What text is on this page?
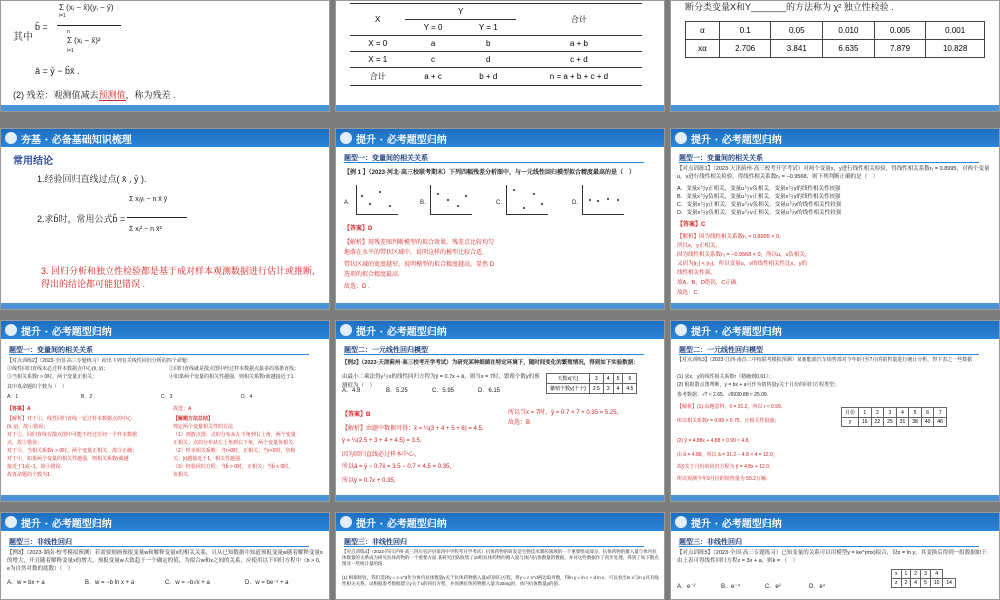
其中
b̂ =
Σ (xᵢ − x̄)(yᵢ − ȳ)
i=1
n
Σ (xᵢ − x̄)²
i=1
â = ȳ − b̂x̄ .
(2) 残差：观测值减去预测值，称为残差 .
X	Y		合计
	Y = 0	Y = 1	
X = 0	a	b	a + b
X = 1	c	d	c + d
合计	a + c	b + d	n = a + b + c + d
断分类变量X和Y_______的方法称为 χ² 独立性检验 .
α	0.1	0.05	0.010	0.005	0.001
xα	2.706	3.841	6.635	7.879	10.828
夯基 · 必备基础知识梳理
常用结论
1.经验回归直线过点( x̄ , ȳ ).
Σ xᵢyᵢ − n x̄ ȳ
2.求b̂时，常用公式b̂ =
Σ xᵢ² − n x̄²
3. 回归分析和独立性检验都是基于成对样本观测数据进行估计或推断，得出的结论都可能犯错误 .
提升 · 必考题型归纳
题型一：变量间的相关关系
【例 1 】（2023·河北·高三校联考期末）下列四幅残差分析图中，与一元线性回归模型拟合精度最高的是（　）
A．	B．	C．	D．
【答案】D
【解析】用残差图判断模型的拟合效果，残差点比较均匀
地落在水平的带状区域中，说明这样的模型比较合适，
带状区域的宽度越窄，说明模型的拟合精度越高，显然 D
选项的拟合精度最高.
故选：D .
提升 · 必考题型归纳
题型一：变量间的相关关系
【对点训练1】（2023·天津蓟州·高三校考开学考试）对两个变量x，y进行线性相关检验，得线性相关系数r₁ = 0.8995，对两个变量u，v进行线性相关检验，得线性相关系数r₂ = −0.9568，则下列判断正确的是（　）
A．变量x与y正相关，变量u与v负相关，变量x与y的线性相关性较强
B．变量x与y负相关，变量u与v正相关，变量x与y的线性相关性较强
C．变量x与y正相关，变量u与v负相关，变量u与v的线性相关性较强
D．变量x与y负相关，变量u与v正相关，变量u与v的线性相关性较强
【答案】C
【解析】因为线性相关系数r₁ = 0.8995 > 0，
所以x，y正相关，
因为线性相关系数r₂ = −0.9568 < 0，所以u，v负相关，
又因为|r₁| < |r₂|，所以变量u，v的线性相关性比x，y的
线性相关性强，
故A，B，D错误，C正确.
故选：C .
提升 · 必考题型归纳
题型一：变量间的相关关系
【对点训练2】（2023·全国·高三专题练习）给出下列有关线性回归分析的四个命题：
①线性回归直线未必过样本数据点中心(x̄, ȳ)；	②回归直线就是散点图中经过样本数据点最多的那条直线；
③当相关系数r > 0时，两个变量正相关；	④如果两个变量的相关性越强，则相关系数r就越接近于1.
其中真命题的个数为（　）
A．1	B．2	C．3	D．4
【答案】A
【解析】对于①，线性回归直线一定过样本数据点的中心
(x̄, ȳ)，故①错误；
对于②，回归直线在散点图中可能不经过任何一个样本数据
点，故②错误；
对于③，当相关系数r > 0时，两个变量正相关，故③正确；
对于④，如果两个变量的相关性越强，则相关系数r就越
接近于1或−1，故④错误.
故真命题的个数为1.
故选：A
【解题方法总结】
判定两个变量相关性的方法
（1）画散点图：点的分布从左下角到右上角，两个变量
正相关；点的分布从左上角到右下角，两个变量负相关.
（2）样本相关系数：当r>0时，正相关；当r<0时，负相
关；|r|越接近于1，相关性越强.
（3）经验回归方程：当b̂ > 0时，正相关；当b̂ < 0时，
负相关.
提升 · 必考题型归纳
题型二：一元线性回归模型
【例2】（2023·天津蓟州·高三校考开学考试）为研究某种细菌在特定环境下，随时间变化的繁殖情况，得到如下实验数据：
由最小二乘法得y与x的线性回归方程为ŷ = 0.7x + â，则当x = 7时，繁殖个数y的预测值为（　）
天数x(天)	3	4	5	6
繁殖个数y(千个)	2.5	3	4	4.5
A．4.9	B．5.25	C．5.95	D．6.15
【答案】B
【解析】由题中数据可得：x̄ = ¼(3 + 4 + 5 + 6) = 4.5,
ȳ = ¼(2.5 + 3 + 4 + 4.5) = 3.5,
因为回归直线必过样本中心，
所以â = ȳ − 0.7x̄ = 3.5 − 0.7 × 4.5 = 0.35，
所以ŷ = 0.7x + 0.35，
所以当x = 7时，ŷ = 0.7 × 7 + 0.35 = 5.25，
故选：B
提升 · 必考题型归纳
题型二：一元线性回归模型
【对点训练3】（2023·江西·南昌二中校联考模拟预测）某新能源汽车销售部对今年9月至7月的销售量进行统计分析，得下表之一些数据
(1) 求x，y的线性相关系数r（精确到0.01）；
(2) 根据散点图判断，y = bx + a可作为销售量y关于月份的回归方程类型；
参考数据：√7 ≈ 2.65，√6930.88 ≈ 25.09.
【解析】(1) 由题意得，x̄ = 31.2，所以 r ≈ 0.99,
所以相关系数r = 0.99 > 0.75，正相关性很强；
(2) ŷ = 4.88x + 4.88 × 0.99 ≈ 4.8，
由 b̂ = 4.88，所以 â = 31.2 − 4.8 × 4 = 12.0，
故ŷ关于月份的回归方程为 ŷ = 4.8x + 12.0，
所以预测今年9月份的销售量为 55.2万辆.
月份	1	2	3	4	5	6	7
y	16	22	25	31	38	40	46
提升 · 必考题型归纳
题型三：非线性回归
【例3】（2023·湖南·校考模拟预测）若需要刻画预报变量w和解释变量x的相关关系，且从已知数据中知道预报变量w随着解释变量x的增大，开且随着解释变量x的增大，预报变量w大致趋于一个确定的值，为拟合w和x之间的关系，应使用以下回归方程中（b > 0，e为自然对数的底数）（　）
A．w = bx + a	B．w = −b ln x + a	C．w = −b√x + a	D．w = be⁻ˣ + a
提升 · 必考题型归纳
题型三：非线性回归
【对点训练4】（2023·四川泸州·高三四川省泸县第四中学校考开学考试）抗体药物的研发是生物技术制药领域的一个重要组成部分，抗体药物的摄入量与体内抗体数量的关系成为研究抗体药物的一个重要方面.某研究团队收集了10组抗体药物的摄入量与体内抗体数量的数据，并对这些数据作了初步处理，得到了如下散点图及一些统计量的值.
(1) 根据经验，我们选择y = c·x^d作为体内抗体数量y关于抗体药物摄入量x的回归方程，将y = c·x^d两边取对数，得ln y = ln c + d ln x，可以看出ln x与ln y具有线性相关关系，试根据参考数据建立y关于x的回归方程，并预测抗体药物摄入量为25mg时，体内抗体数量y的值；
提升 · 必考题型归纳
题型三：非线性回归
【对点训练5】（2023·全国·高三专题练习）已知变量的关系可以用模型y = ke^(mx)拟合，设z = ln y，其变换后得到一组数据如下．由上表可得线性回归方程z = 3x + a，则k = （　）
A．e⁻²	B．e⁻⁴	C．e²	D．e⁴
x	1	2	3	4	
z	2	4	5	10	14
